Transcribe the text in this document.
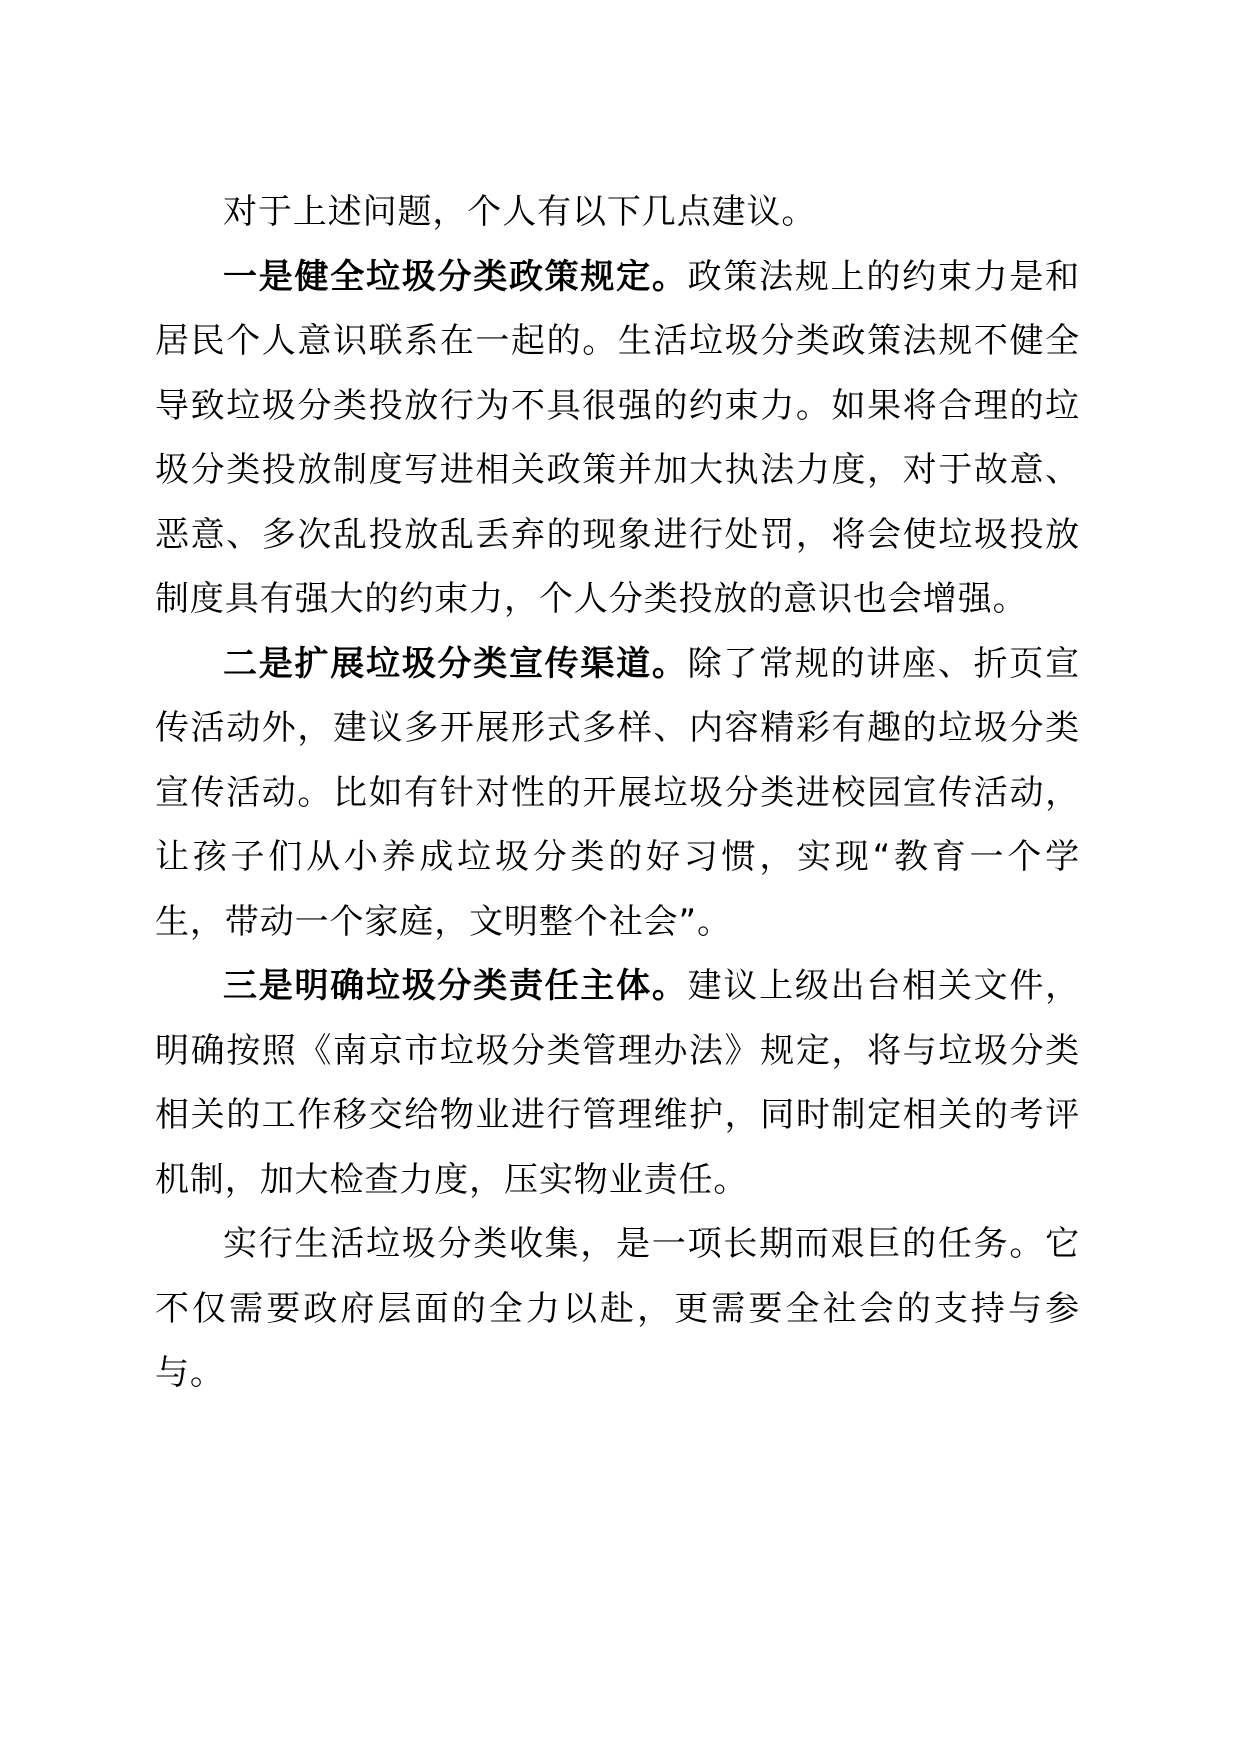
对于上述问题，个人有以下几点建议。

一是健全垃圾分类政策规定。政策法规上的约束力是和居民个人意识联系在一起的。生活垃圾分类政策法规不健全导致垃圾分类投放行为不具很强的约束力。如果将合理的垃圾分类投放制度写进相关政策并加大执法力度，对于故意、恶意、多次乱投放乱丢弃的现象进行处罚，将会使垃圾投放制度具有强大的约束力，个人分类投放的意识也会增强。

二是扩展垃圾分类宣传渠道。除了常规的讲座、折页宣传活动外，建议多开展形式多样、内容精彩有趣的垃圾分类宣传活动。比如有针对性的开展垃圾分类进校园宣传活动，让孩子们从小养成垃圾分类的好习惯，实现“教育一个学生，带动一个家庭，文明整个社会”。

三是明确垃圾分类责任主体。建议上级出台相关文件，明确按照《南京市垃圾分类管理办法》规定，将与垃圾分类相关的工作移交给物业进行管理维护，同时制定相关的考评机制，加大检查力度，压实物业责任。

实行生活垃圾分类收集，是一项长期而艰巨的任务。它不仅需要政府层面的全力以赴，更需要全社会的支持与参与。
